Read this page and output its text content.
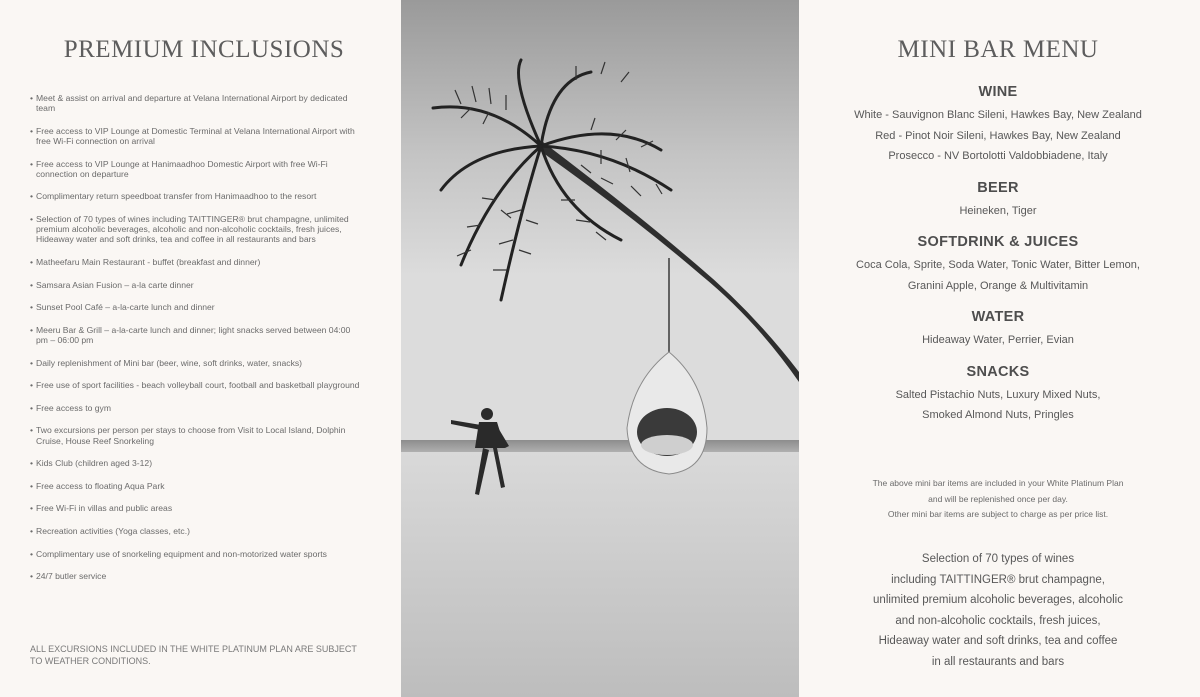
PREMIUM INCLUSIONS
• Meet & assist on arrival and departure at Velana International Airport by dedicated team
• Free access to VIP Lounge at Domestic Terminal at Velana International Airport with free Wi-Fi connection on arrival
• Free access to VIP Lounge at Hanimaadhoo Domestic Airport with free Wi-Fi connection on departure
• Complimentary return speedboat transfer from Hanimaadhoo to the resort
• Selection of 70 types of wines including TAITTINGER® brut champagne, unlimited premium alcoholic beverages, alcoholic and non-alcoholic cocktails, fresh juices, Hideaway water and soft drinks, tea and coffee in all restaurants and bars
• Matheefaru Main Restaurant - buffet (breakfast and dinner)
• Samsara Asian Fusion – a-la carte dinner
• Sunset Pool Café – a-la-carte lunch and dinner
• Meeru Bar & Grill – a-la-carte lunch and dinner; light snacks served between 04:00 pm – 06:00 pm
• Daily replenishment of Mini bar (beer, wine, soft drinks, water, snacks)
• Free use of sport facilities - beach volleyball court, football and basketball playground
• Free access to gym
• Two excursions per person per stays to choose from Visit to Local Island, Dolphin Cruise, House Reef Snorkeling
• Kids Club (children aged 3-12)
• Free access to floating Aqua Park
• Free Wi-Fi in villas and public areas
• Recreation activities (Yoga classes, etc.)
• Complimentary use of snorkeling equipment and non-motorized water sports
• 24/7 butler service
ALL EXCURSIONS INCLUDED IN THE WHITE PLATINUM PLAN ARE SUBJECT TO WEATHER CONDITIONS.
MINI BAR MENU
WINE
White - Sauvignon Blanc Sileni, Hawkes Bay, New Zealand
Red - Pinot Noir Sileni, Hawkes Bay, New Zealand
Prosecco - NV Bortolotti Valdobbiadene, Italy
BEER
Heineken, Tiger
SOFTDRINK & JUICES
Coca Cola, Sprite, Soda Water, Tonic Water, Bitter Lemon,
Granini Apple, Orange & Multivitamin
WATER
Hideaway Water, Perrier, Evian
SNACKS
Salted Pistachio Nuts, Luxury Mixed Nuts,
Smoked Almond Nuts, Pringles
The above mini bar items are included in your White Platinum Plan
and will be replenished once per day.
Other mini bar items are subject to charge as per price list.
Selection of 70 types of wines
including TAITTINGER® brut champagne,
unlimited premium alcoholic beverages, alcoholic
and non-alcoholic cocktails, fresh juices,
Hideaway water and soft drinks, tea and coffee
in all restaurants and bars
